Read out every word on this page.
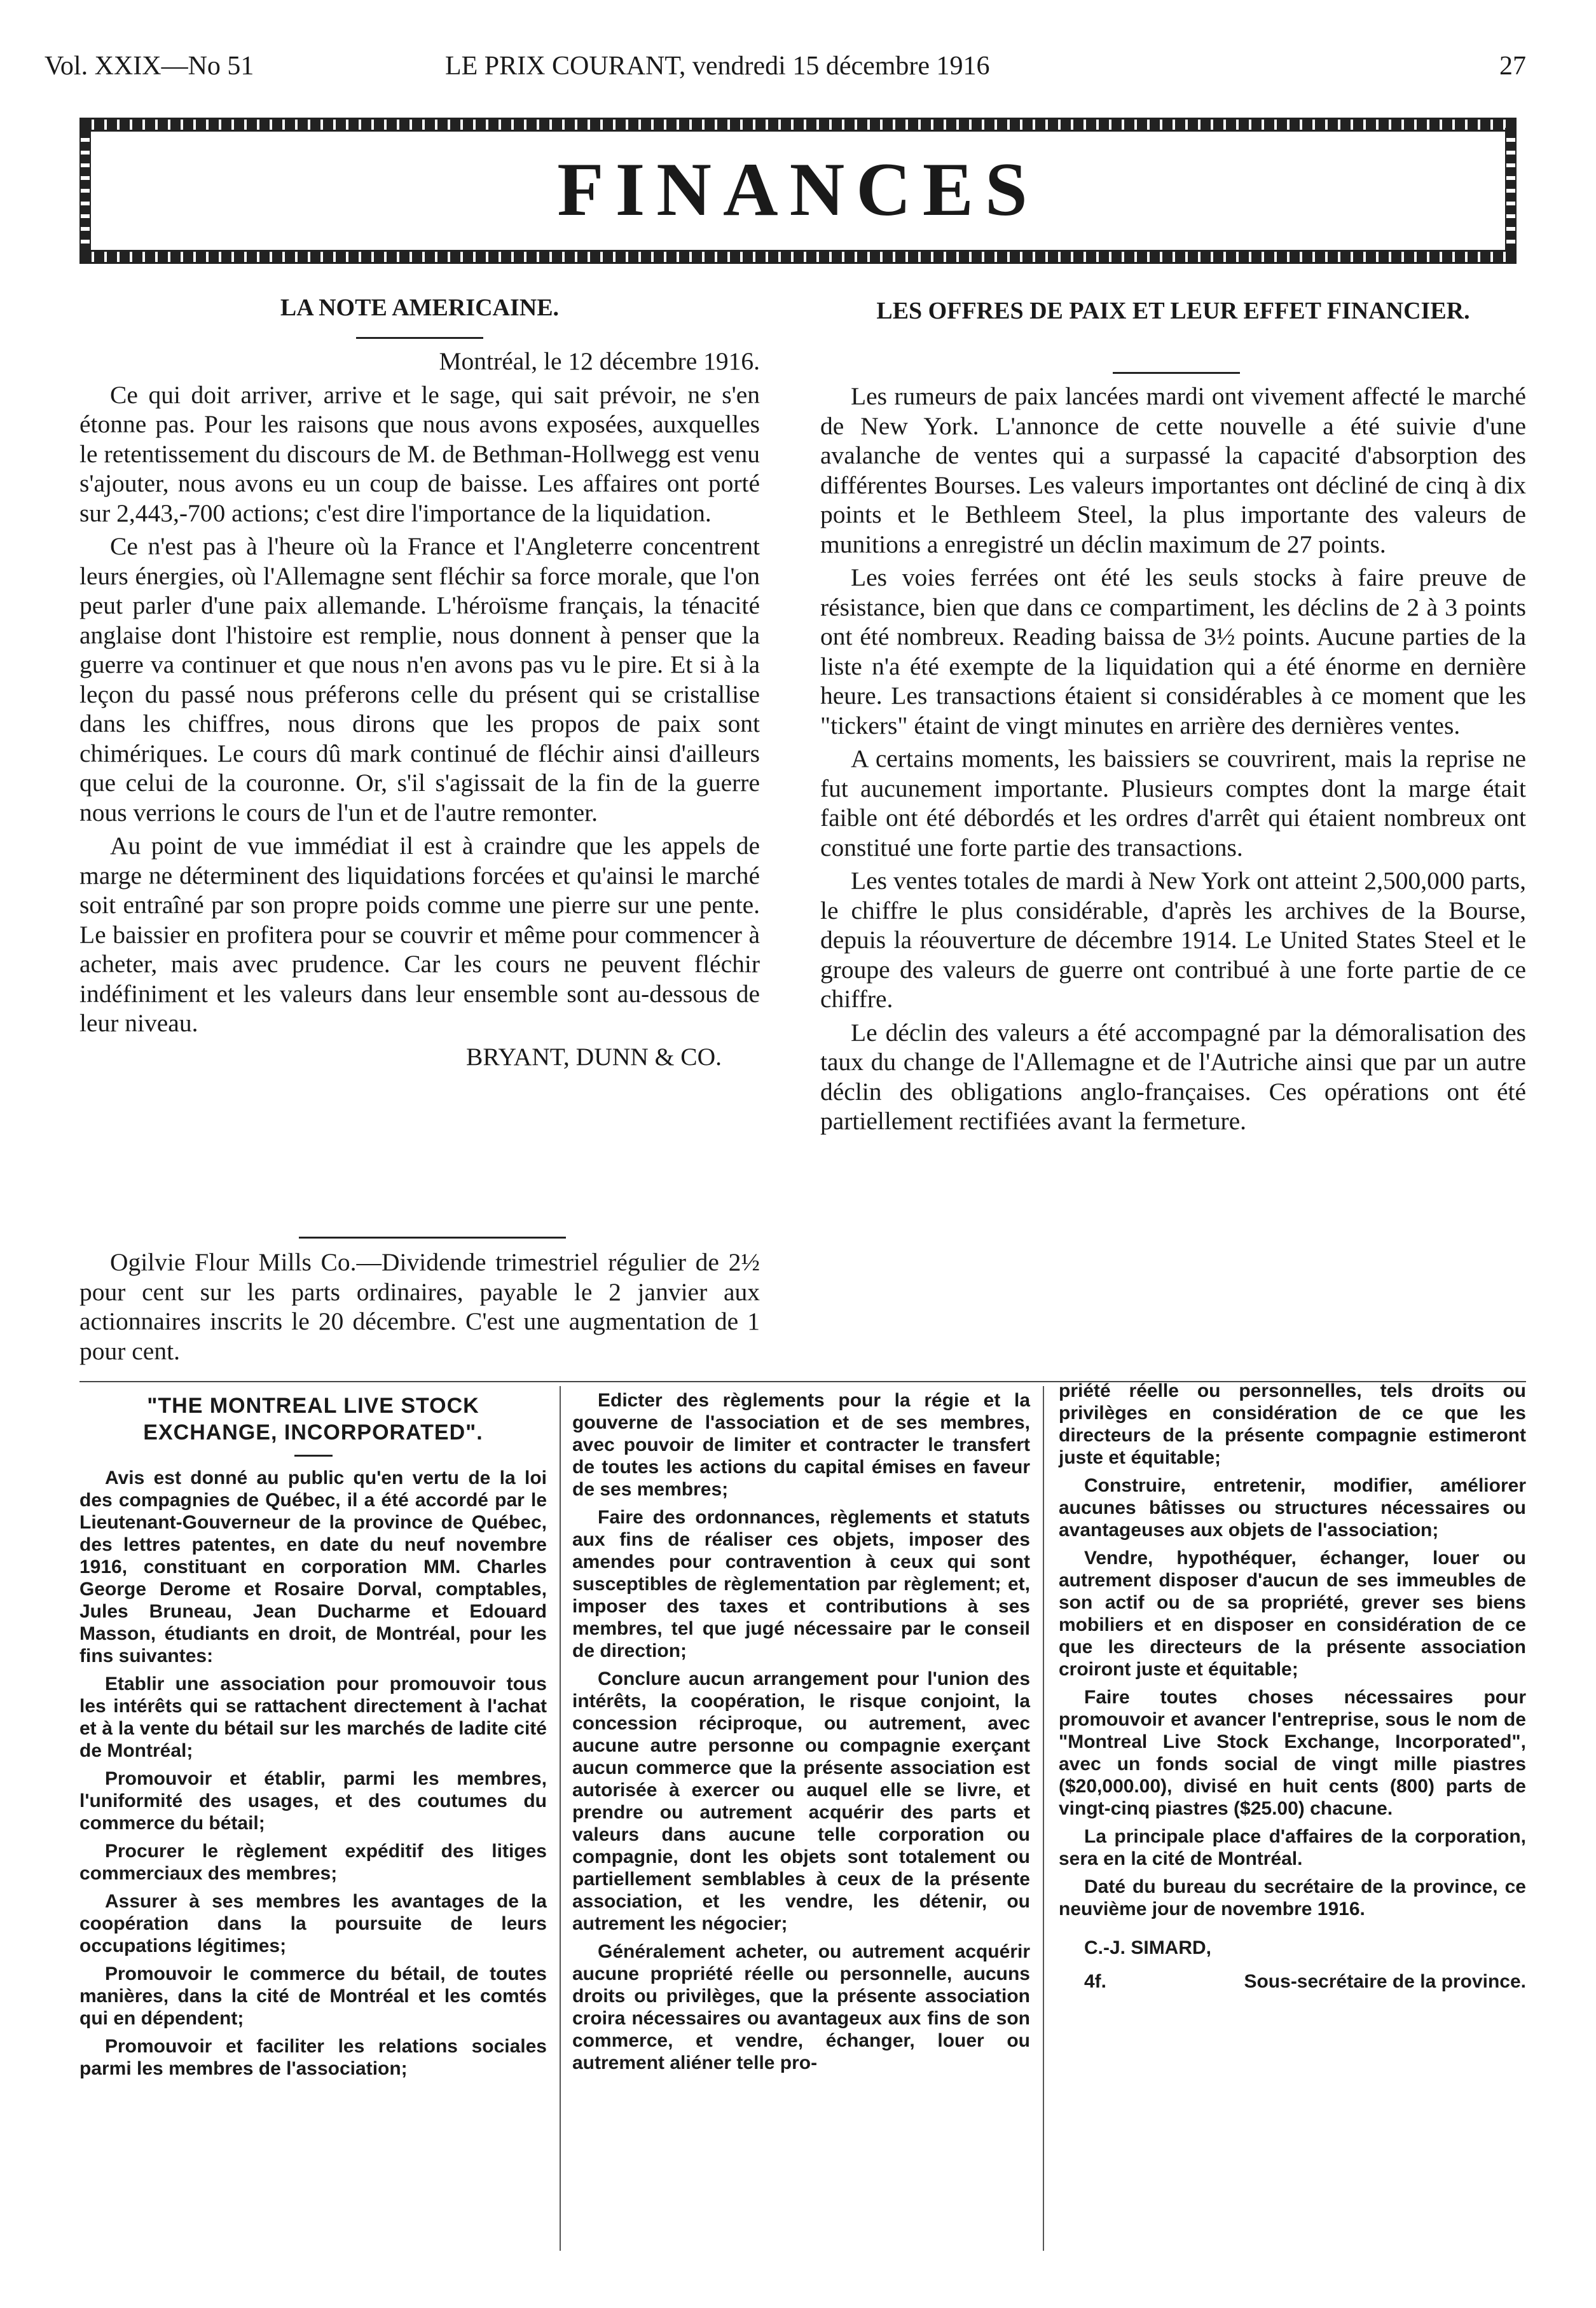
Vol. XXIX—No 51	LE PRIX COURANT, vendredi 15 décembre 1916	27
FINANCES
LA NOTE AMERICAINE.

Montréal, le 12 décembre 1916.

Ce qui doit arriver, arrive et le sage, qui sait prévoir, ne s'en étonne pas. Pour les raisons que nous avons exposées, auxquelles le retentissement du discours de M. de Bethman-Hollwegg est venu s'ajouter, nous avons eu un coup de baisse. Les affaires ont porté sur 2,443,-700 actions; c'est dire l'importance de la liquidation.

Ce n'est pas à l'heure où la France et l'Angleterre concentrent leurs énergies, où l'Allemagne sent fléchir sa force morale, que l'on peut parler d'une paix allemande. L'héroïsme français, la ténacité anglaise dont l'histoire est remplie, nous donnent à penser que la guerre va continuer et que nous n'en avons pas vu le pire. Et si à la leçon du passé nous préferons celle du présent qui se cristallise dans les chiffres, nous dirons que les propos de paix sont chimériques. Le cours dû mark continué de fléchir ainsi d'ailleurs que celui de la couronne. Or, s'il s'agissait de la fin de la guerre nous verrions le cours de l'un et de l'autre remonter.

Au point de vue immédiat il est à craindre que les appels de marge ne déterminent des liquidations forcées et qu'ainsi le marché soit entraîné par son propre poids comme une pierre sur une pente. Le baissier en profitera pour se couvrir et même pour commencer à acheter, mais avec prudence. Car les cours ne peuvent fléchir indéfiniment et les valeurs dans leur ensemble sont au-dessous de leur niveau.

BRYANT, DUNN & CO.

Ogilvie Flour Mills Co.—Dividende trimestriel régulier de 2½ pour cent sur les parts ordinaires, payable le 2 janvier aux actionnaires inscrits le 20 décembre. C'est une augmentation de 1 pour cent.

LES OFFRES DE PAIX ET LEUR EFFET FINANCIER.

Les rumeurs de paix lancées mardi ont vivement affecté le marché de New York. L'annonce de cette nouvelle a été suivie d'une avalanche de ventes qui a surpassé la capacité d'absorption des différentes Bourses. Les valeurs importantes ont décliné de cinq à dix points et le Bethleem Steel, la plus importante des valeurs de munitions a enregistré un déclin maximum de 27 points.

Les voies ferrées ont été les seuls stocks à faire preuve de résistance, bien que dans ce compartiment, les déclins de 2 à 3 points ont été nombreux. Reading baissa de 3½ points. Aucune parties de la liste n'a été exempte de la liquidation qui a été énorme en dernière heure. Les transactions étaient si considérables à ce moment que les "tickers" étaint de vingt minutes en arrière des dernières ventes.

A certains moments, les baissiers se couvrirent, mais la reprise ne fut aucunement importante. Plusieurs comptes dont la marge était faible ont été débordés et les ordres d'arrêt qui étaient nombreux ont constitué une forte partie des transactions.

Les ventes totales de mardi à New York ont atteint 2,500,000 parts, le chiffre le plus considérable, d'après les archives de la Bourse, depuis la réouverture de décembre 1914. Le United States Steel et le groupe des valeurs de guerre ont contribué à une forte partie de ce chiffre.

Le déclin des valeurs a été accompagné par la démoralisation des taux du change de l'Allemagne et de l'Autriche ainsi que par un autre déclin des obligations anglo-françaises. Ces opérations ont été partiellement rectifiées avant la fermeture.

"THE MONTREAL LIVE STOCK EXCHANGE, INCORPORATED".

Avis est donné au public qu'en vertu de la loi des compagnies de Québec, il a été accordé par le Lieutenant-Gouverneur de la province de Québec, des lettres patentes, en date du neuf novembre 1916, constituant en corporation MM. Charles George Derome et Rosaire Dorval, comptables, Jules Bruneau, Jean Ducharme et Edouard Masson, étudiants en droit, de Montréal, pour les fins suivantes:

Etablir une association pour promouvoir tous les intérêts qui se rattachent directement à l'achat et à la vente du bétail sur les marchés de ladite cité de Montréal;

Promouvoir et établir, parmi les membres, l'uniformité des usages, et des coutumes du commerce du bétail;

Procurer le règlement expéditif des litiges commerciaux des membres;

Assurer à ses membres les avantages de la coopération dans la poursuite de leurs occupations légitimes;

Promouvoir le commerce du bétail, de toutes manières, dans la cité de Montréal et les comtés qui en dépendent;

Promouvoir et faciliter les relations sociales parmi les membres de l'association;

Edicter des règlements pour la régie et la gouverne de l'association et de ses membres, avec pouvoir de limiter et contracter le transfert de toutes les actions du capital émises en faveur de ses membres;

Faire des ordonnances, règlements et statuts aux fins de réaliser ces objets, imposer des amendes pour contravention à ceux qui sont susceptibles de règlementation par règlement; et, imposer des taxes et contributions à ses membres, tel que jugé nécessaire par le conseil de direction;

Conclure aucun arrangement pour l'union des intérêts, la coopération, le risque conjoint, la concession réciproque, ou autrement, avec aucune autre personne ou compagnie exerçant aucun commerce que la présente association est autorisée à exercer ou auquel elle se livre, et prendre ou autrement acquérir des parts et valeurs dans aucune telle corporation ou compagnie, dont les objets sont totalement ou partiellement semblables à ceux de la présente association, et les vendre, les détenir, ou autrement les négocier;

Généralement acheter, ou autrement acquérir aucune propriété réelle ou personnelle, aucuns droits ou privilèges, que la présente association croira nécessaires ou avantageux aux fins de son commerce, et vendre, échanger, louer ou autrement aliéner telle pro-

priété réelle ou personnelles, tels droits ou privilèges en considération de ce que les directeurs de la présente compagnie estimeront juste et équitable;

Construire, entretenir, modifier, améliorer aucunes bâtisses ou structures nécessaires ou avantageuses aux objets de l'association;

Vendre, hypothéquer, échanger, louer ou autrement disposer d'aucun de ses immeubles de son actif ou de sa propriété, grever ses biens mobiliers et en disposer en considération de ce que les directeurs de la présente association croiront juste et équitable;

Faire toutes choses nécessaires pour promouvoir et avancer l'entreprise, sous le nom de "Montreal Live Stock Exchange, Incorporated", avec un fonds social de vingt mille piastres ($20,000.00), divisé en huit cents (800) parts de vingt-cinq piastres ($25.00) chacune.

La principale place d'affaires de la corporation, sera en la cité de Montréal.

Daté du bureau du secrétaire de la province, ce neuvième jour de novembre 1916.

C.-J. SIMARD,

4f.	Sous-secrétaire de la province.
